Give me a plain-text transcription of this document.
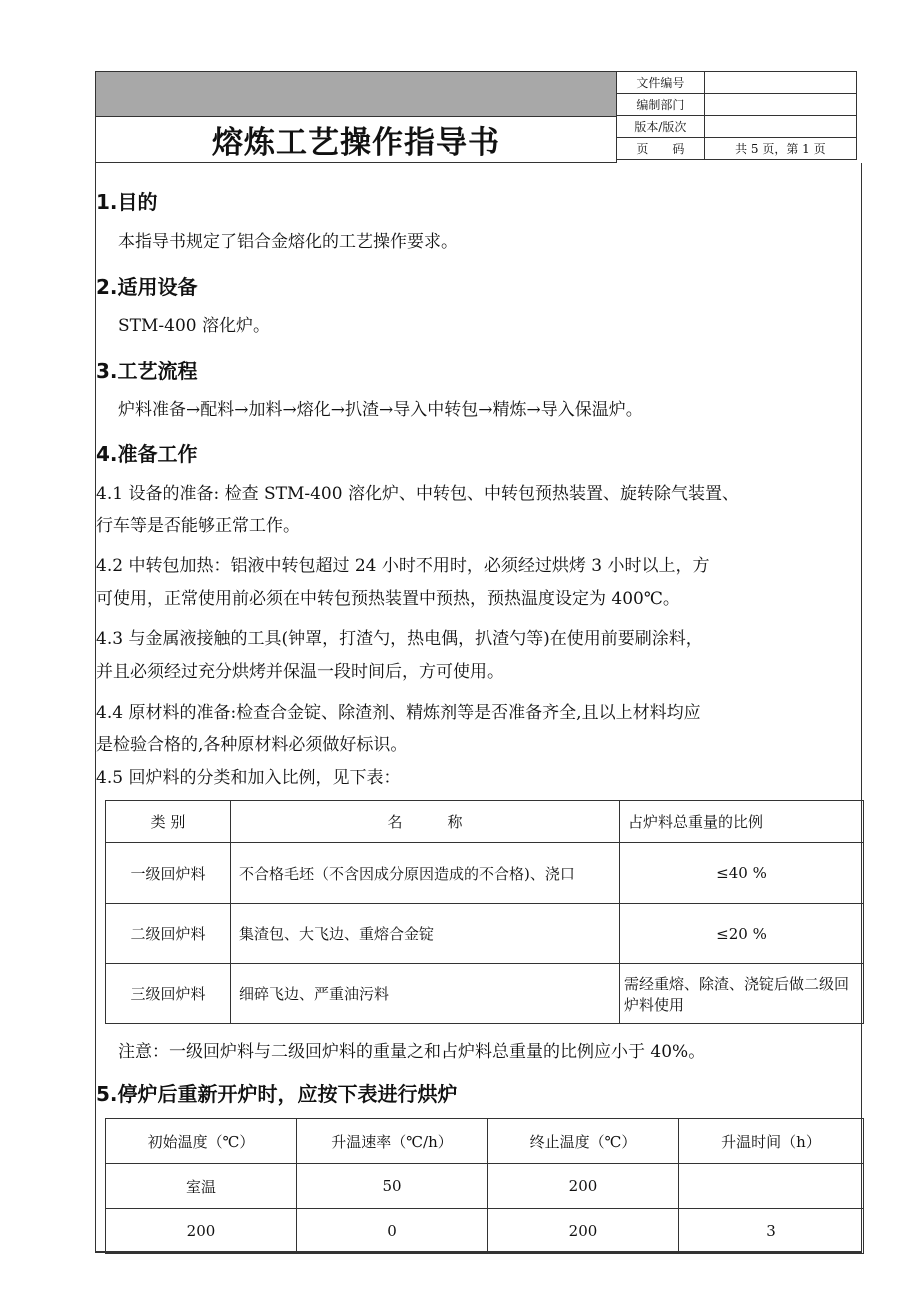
熔炼工艺操作指导书
文件编号	
编制部门	
版本/版次	
页　　码	共 5 页，第 1 页
1.目的
本指导书规定了铝合金熔化的工艺操作要求。
2.适用设备
STM-400 溶化炉。
3.工艺流程
炉料准备→配料→加料→熔化→扒渣→导入中转包→精炼→导入保温炉。
4.准备工作
4.1 设备的准备: 检查 STM-400 溶化炉、中转包、中转包预热装置、旋转除气装置、
行车等是否能够正常工作。
4.2 中转包加热：铝液中转包超过 24 小时不用时，必须经过烘烤 3 小时以上，方
可使用，正常使用前必须在中转包预热装置中预热，预热温度设定为 400℃。
4.3 与金属液接触的工具(钟罩，打渣勺，热电偶，扒渣勺等)在使用前要刷涂料，
并且必须经过充分烘烤并保温一段时间后，方可使用。
4.4 原材料的准备:检查合金锭、除渣剂、精炼剂等是否准备齐全,且以上材料均应
是检验合格的,各种原材料必须做好标识。
4.5 回炉料的分类和加入比例，见下表：
类 别	名　　　称	占炉料总重量的比例
一级回炉料	不合格毛坯（不含因成分原因造成的不合格)、浇口	≤40 %
二级回炉料	集渣包、大飞边、重熔合金锭	≤20 %
三级回炉料	细碎飞边、严重油污料	需经重熔、除渣、浇锭后做二级回炉料使用
注意：一级回炉料与二级回炉料的重量之和占炉料总重量的比例应小于 40%。
5.停炉后重新开炉时，应按下表进行烘炉
初始温度（℃）	升温速率（℃/h）	终止温度（℃）	升温时间（h）
室温	50	200	
200	0	200	3
